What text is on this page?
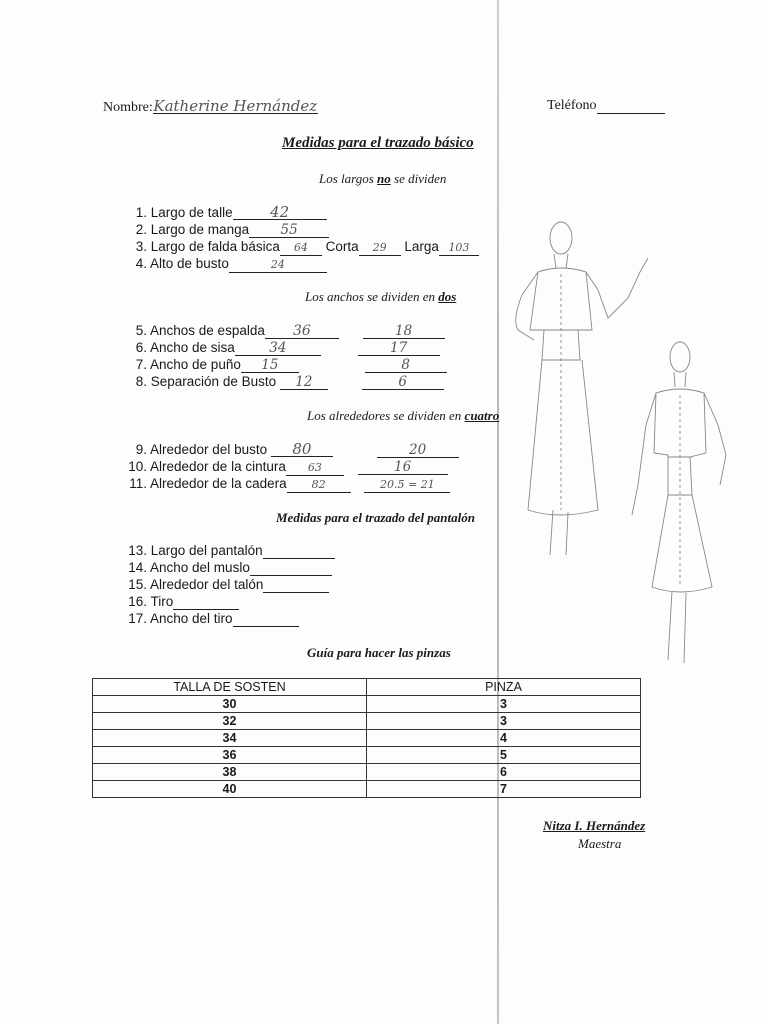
Nombre:Katherine Hernández	Teléfono
Medidas para el trazado básico
Los largos no se dividen
1. Largo de talle 42
2. Largo de manga 55
3. Largo de falda básica 64 Corta 29 Larga 103
4. Alto de busto	24
Los anchos se dividen en dos
5. Anchos de espalda 36	18
6. Ancho de sisa	34	17
7. Ancho de puño 15	8
8. Separación de Busto 12	6
Los alrededores se dividen en cuatro
9. Alrededor del busto 80	20
10. Alrededor de la cintura 63	16
11. Alrededor de la cadera 82	20.5 = 21
Medidas para el trazado del pantalón
13. Largo del pantalón
14. Ancho del muslo
15. Alrededor del talón
16. Tiro
17. Ancho del tiro
Guía para hacer las pinzas
TALLA DE SOSTEN	PINZA
30	3
32	3
34	4
36	5
38	6
40	7
Nitza I. Hernández
Maestra
